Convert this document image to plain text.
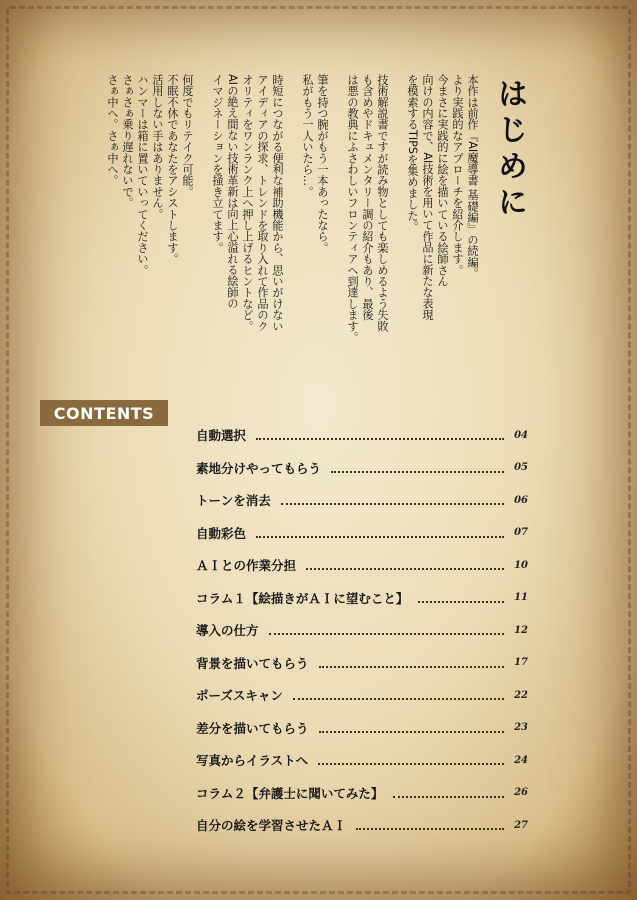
はじめに

本作は前作『AI魔導書 基礎編』の続編。
より実践的なアプローチを紹介します。
今まさに実践的に絵を描いている絵師さん
向けの内容で、AI技術を用いて作品に新たな表現
を模索するTIPSを集めました。

技術解説書ですが読み物としても楽しめるよう失敗
も含めやドキュメンタリー調の紹介もあり、最後
は悪の教典にふさわしいフロンティアへ到達します。

筆を持つ腕がもう一本あったなら。
私がもう一人いたら…。

時短につながる便利な補助機能から、思いがけない
アイディアの探求、トレンドを取り入れて作品のク
オリティをワンランク上へ押し上げるヒントなど。
AIの絶え間ない技術革新は向上心溢れる絵師の
イマジネーションを掻き立てます。

何度でもリテイク可能。
不眠不休であなたをアシストします。
活用しない手はありません。
ハンマーは箱に置いていってください。
さぁさぁ乗り遅れないで。
さぁ中へ。さぁ中へ。

CONTENTS
自動選択	04
素地分けやってもらう	05
トーンを消去	06
自動彩色	07
ＡＩとの作業分担	10
コラム１【絵描きがＡＩに望むこと】	11
導入の仕方	12
背景を描いてもらう	17
ポーズスキャン	22
差分を描いてもらう	23
写真からイラストへ	24
コラム２【弁護士に聞いてみた】	26
自分の絵を学習させたＡＩ	27
